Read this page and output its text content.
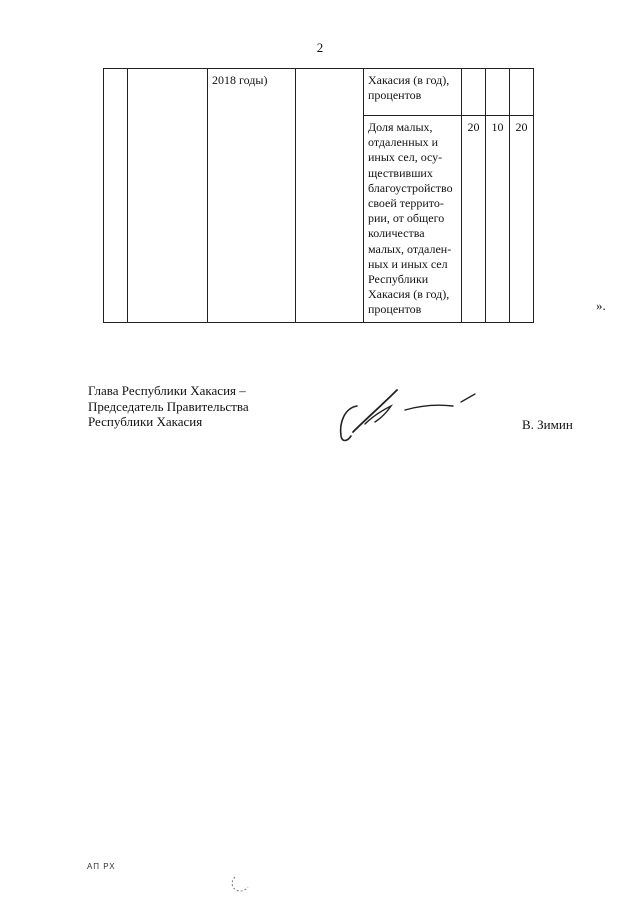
2
		2018 годы)		Хакасия (в год), процентов			
				Доля малых, отдаленных и иных сел, осу-ществивших благоустройство своей террито-рии, от общего количества малых, отдален-ных и иных сел Республики Хакасия (в год), процентов	20	10	20
».
Глава Республики Хакасия –
Председатель Правительства
Республики Хакасия	В. Зимин
АП РХ
